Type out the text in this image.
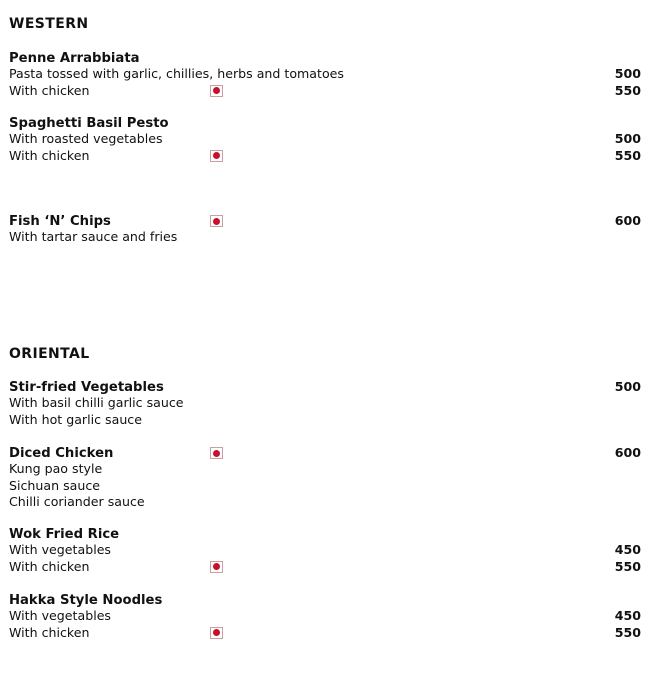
WESTERN
Penne Arrabbiata
Pasta tossed with garlic, chillies, herbs and tomatoes	500
With chicken	550
Spaghetti Basil Pesto
With roasted vegetables	500
With chicken	550
Fish ‘N’ Chips	600
With tartar sauce and fries
ORIENTAL
Stir-fried Vegetables	500
With basil chilli garlic sauce
With hot garlic sauce
Diced Chicken	600
Kung pao style
Sichuan sauce
Chilli coriander sauce
Wok Fried Rice
With vegetables	450
With chicken	550
Hakka Style Noodles
With vegetables	450
With chicken	550
